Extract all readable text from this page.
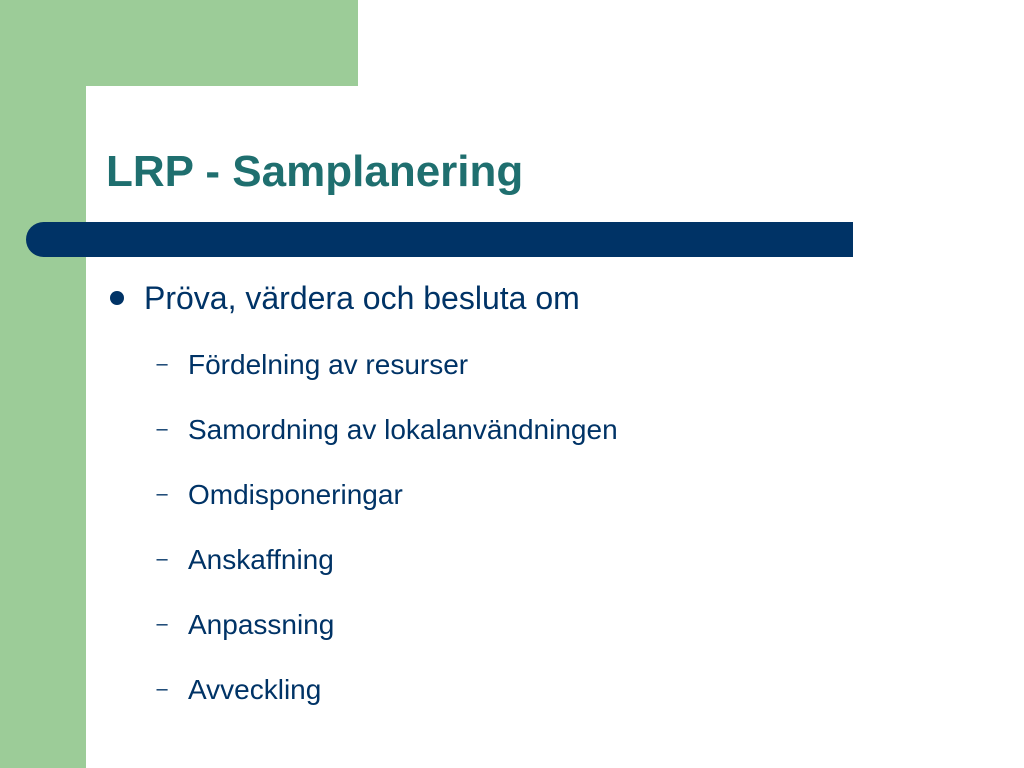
LRP - Samplanering
Pröva, värdera och besluta om
– Fördelning av resurser
– Samordning av lokalanvändningen
– Omdisponeringar
– Anskaffning
– Anpassning
– Avveckling
